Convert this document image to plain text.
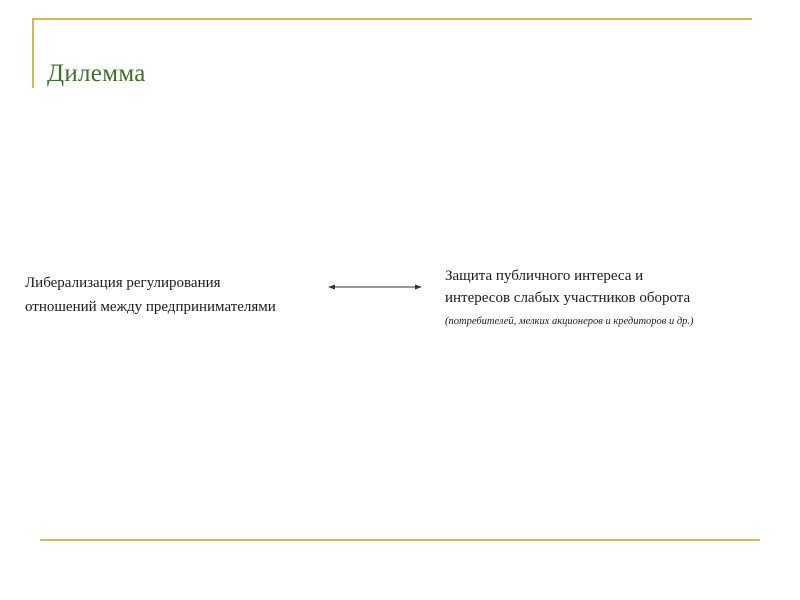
Дилемма
Либерализация регулирования
отношений между предпринимателями
Защита публичного интереса и
интересов слабых участников оборота
(потребителей, мелких акционеров и кредиторов и др.)
